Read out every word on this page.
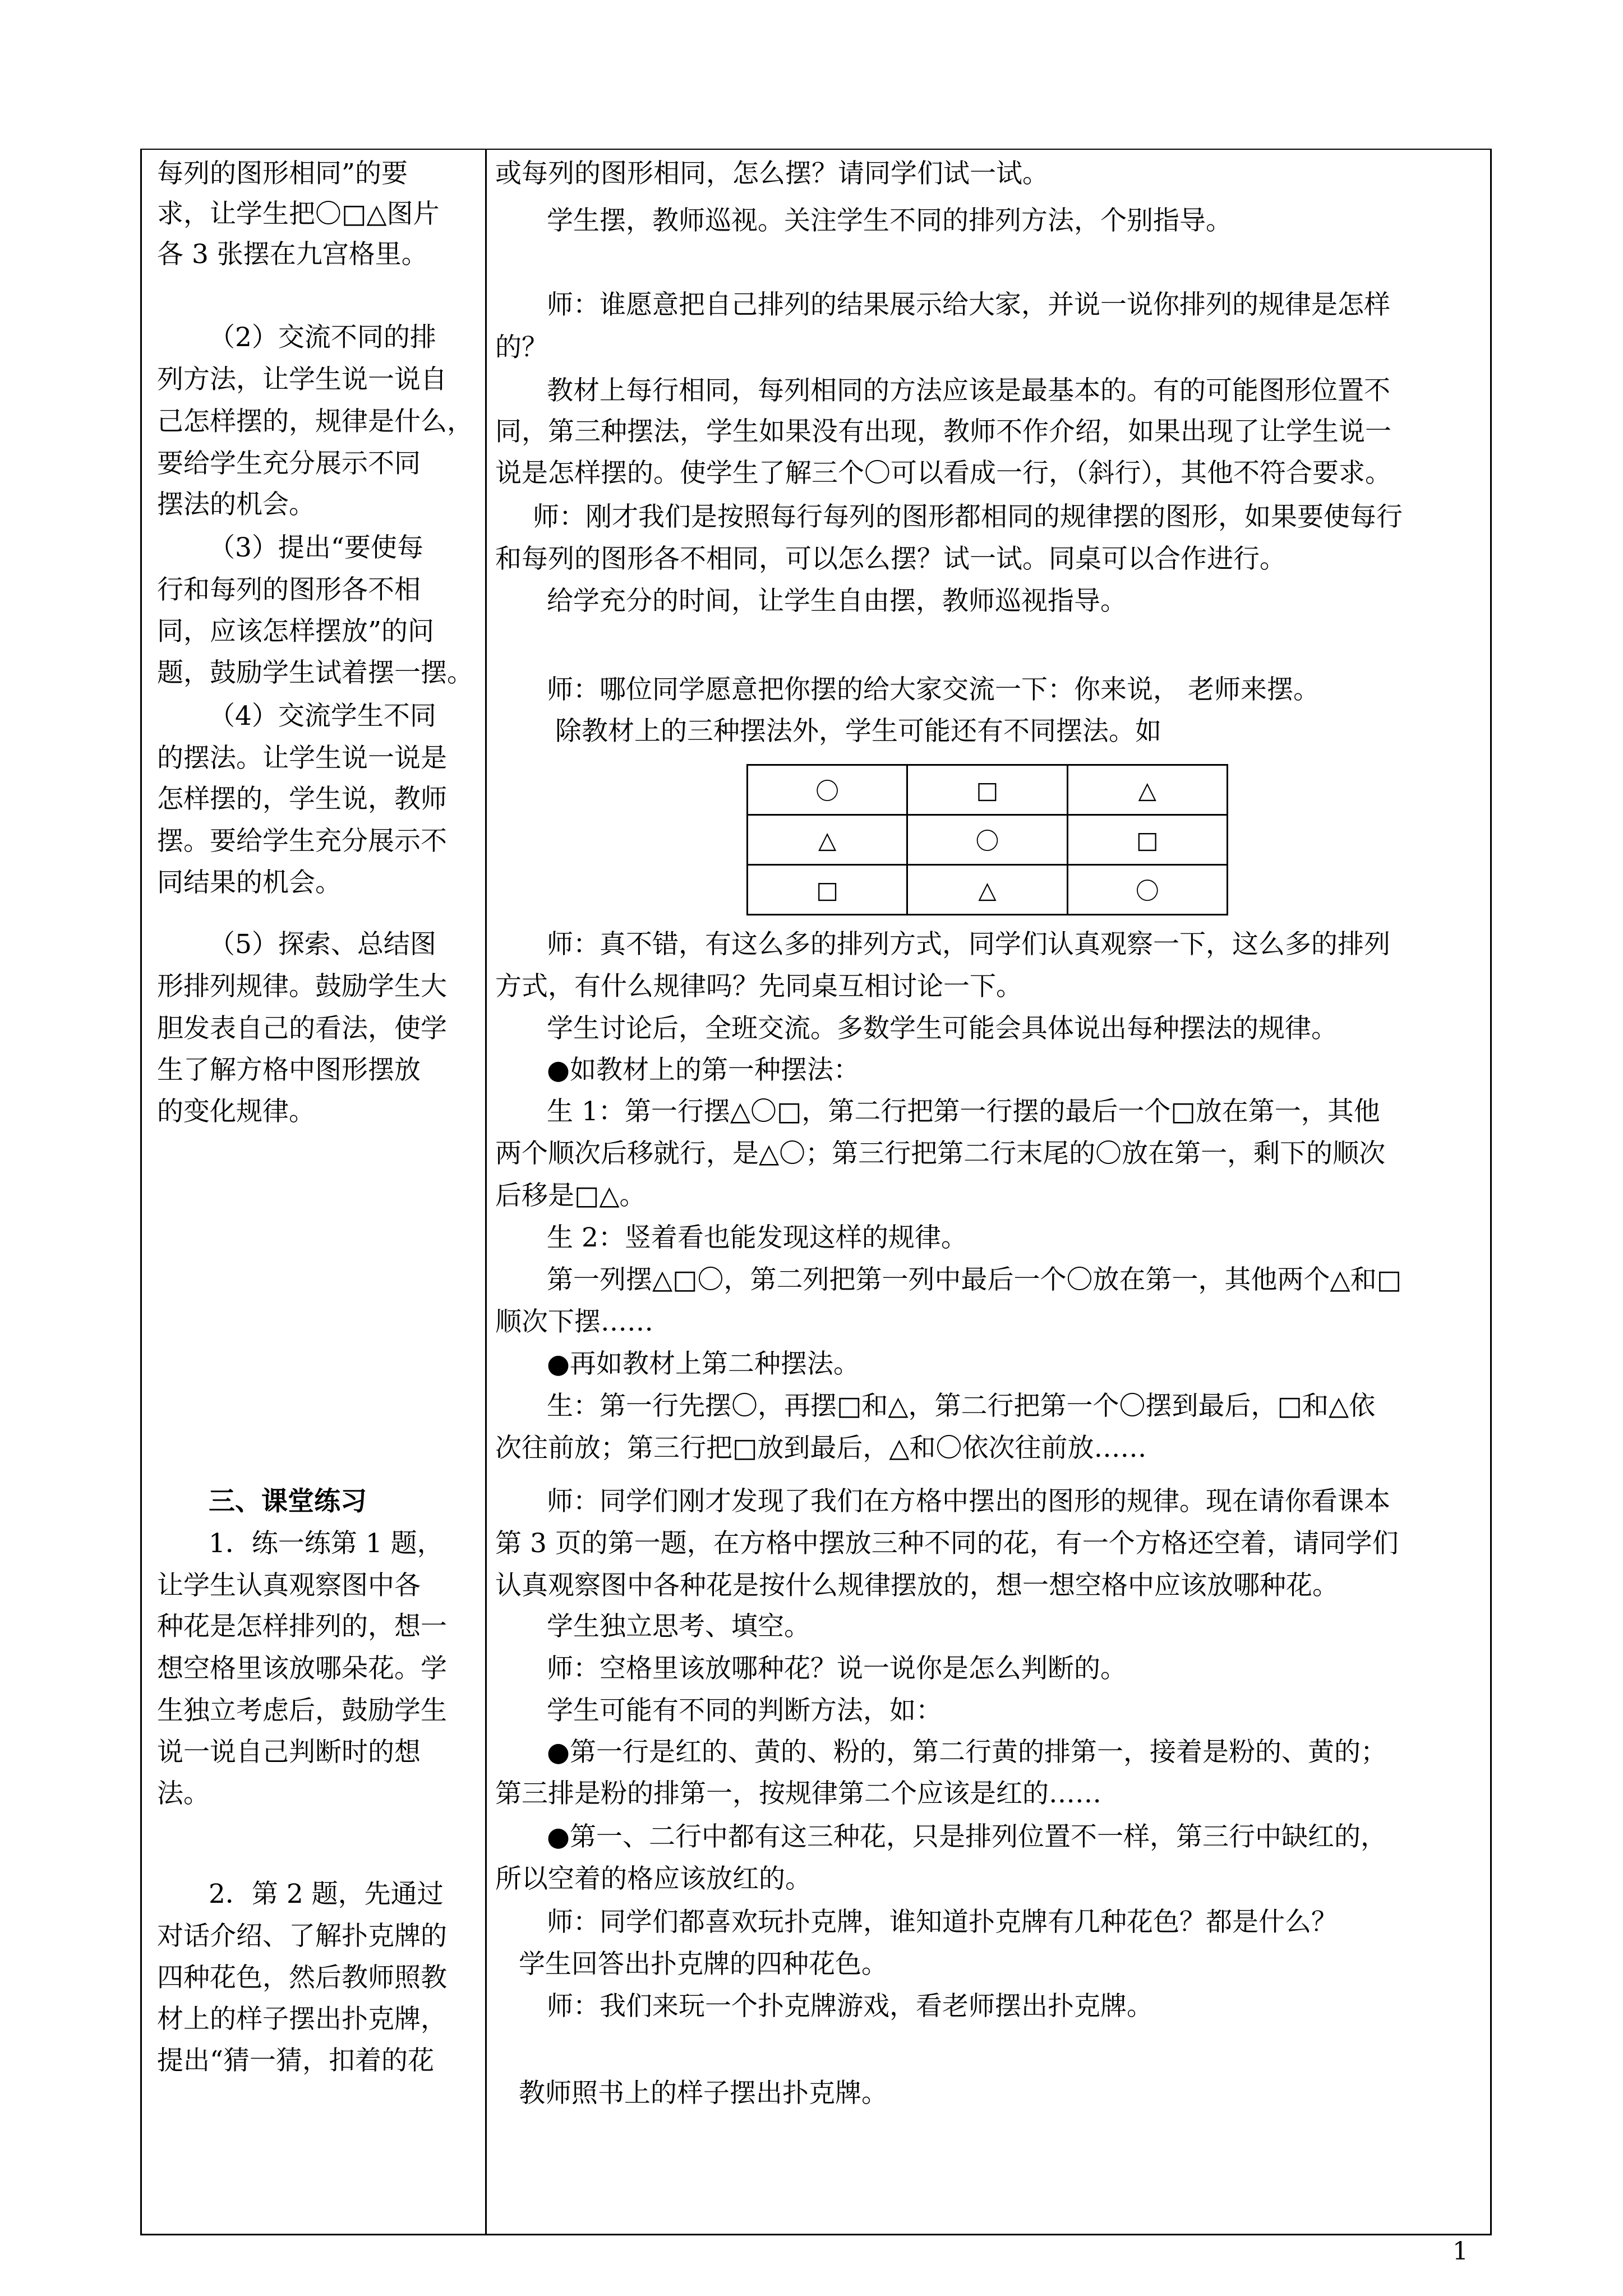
每列的图形相同”的要
求，让学生把〇□△图片
各 3 张摆在九宫格里。
（2）交流不同的排
列方法，让学生说一说自
己怎样摆的，规律是什么，
要给学生充分展示不同
摆法的机会。
（3）提出“要使每
行和每列的图形各不相
同，应该怎样摆放”的问
题，鼓励学生试着摆一摆。
（4）交流学生不同
的摆法。让学生说一说是
怎样摆的，学生说，教师
摆。要给学生充分展示不
同结果的机会。
（5）探索、总结图
形排列规律。鼓励学生大
胆发表自己的看法，使学
生了解方格中图形摆放
的变化规律。
三、课堂练习
1．练一练第 1 题，
让学生认真观察图中各
种花是怎样排列的，想一
想空格里该放哪朵花。学
生独立考虑后，鼓励学生
说一说自己判断时的想
法。
2．第 2 题，先通过
对话介绍、了解扑克牌的
四种花色，然后教师照教
材上的样子摆出扑克牌，
提出“猜一猜，扣着的花
或每列的图形相同，怎么摆？请同学们试一试。
学生摆，教师巡视。关注学生不同的排列方法，个别指导。
师：谁愿意把自己排列的结果展示给大家，并说一说你排列的规律是怎样
的？
教材上每行相同，每列相同的方法应该是最基本的。有的可能图形位置不
同，第三种摆法，学生如果没有出现，教师不作介绍，如果出现了让学生说一
说是怎样摆的。使学生了解三个〇可以看成一行，（斜行），其他不符合要求。
师：刚才我们是按照每行每列的图形都相同的规律摆的图形，如果要使每行
和每列的图形各不相同，可以怎么摆？试一试。同桌可以合作进行。
给学充分的时间，让学生自由摆，教师巡视指导。
师：哪位同学愿意把你摆的给大家交流一下：你来说， 老师来摆。
除教材上的三种摆法外，学生可能还有不同摆法。如
师：真不错，有这么多的排列方式，同学们认真观察一下，这么多的排列
方式，有什么规律吗？先同桌互相讨论一下。
学生讨论后，全班交流。多数学生可能会具体说出每种摆法的规律。
●如教材上的第一种摆法：
生 1：第一行摆△〇□，第二行把第一行摆的最后一个□放在第一，其他
两个顺次后移就行，是△〇；第三行把第二行末尾的〇放在第一，剩下的顺次
后移是□△。
生 2：竖着看也能发现这样的规律。
第一列摆△□〇，第二列把第一列中最后一个〇放在第一，其他两个△和□
顺次下摆……
●再如教材上第二种摆法。
生：第一行先摆〇，再摆□和△，第二行把第一个〇摆到最后，□和△依
次往前放；第三行把□放到最后，△和〇依次往前放……
师：同学们刚才发现了我们在方格中摆出的图形的规律。现在请你看课本
第 3 页的第一题，在方格中摆放三种不同的花，有一个方格还空着，请同学们
认真观察图中各种花是按什么规律摆放的，想一想空格中应该放哪种花。
学生独立思考、填空。
师：空格里该放哪种花？说一说你是怎么判断的。
学生可能有不同的判断方法，如：
●第一行是红的、黄的、粉的，第二行黄的排第一，接着是粉的、黄的；
第三排是粉的排第一，按规律第二个应该是红的……
●第一、二行中都有这三种花，只是排列位置不一样，第三行中缺红的，
所以空着的格应该放红的。
师：同学们都喜欢玩扑克牌，谁知道扑克牌有几种花色？都是什么？
学生回答出扑克牌的四种花色。
师：我们来玩一个扑克牌游戏，看老师摆出扑克牌。
教师照书上的样子摆出扑克牌。
〇	□	△
△	〇	□
□	△	〇
1
